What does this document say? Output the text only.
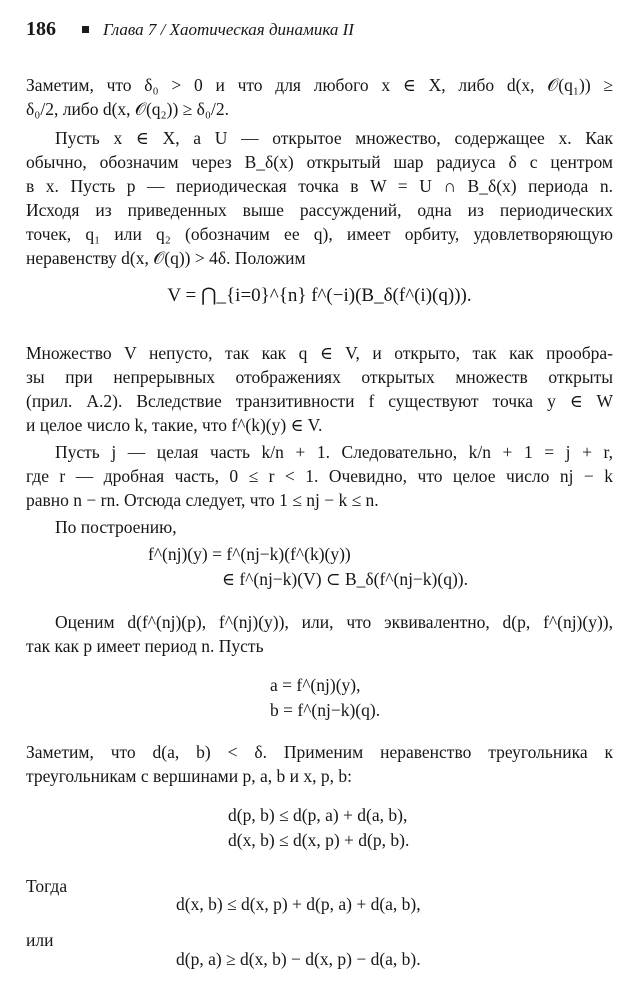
186	Глава 7 / Хаотическая динамика II
Заметим, что δ₀ > 0 и что для любого x ∈ X, либо d(x, 𝒪(q₁)) ≥
δ₀/2, либо d(x, 𝒪(q₂)) ≥ δ₀/2.
Пусть x ∈ X, а U — открытое множество, содержащее x. Как
обычно, обозначим через B_δ(x) открытый шар радиуса δ с центром
в x. Пусть p — периодическая точка в W = U ∩ B_δ(x) периода n.
Исходя из приведенных выше рассуждений, одна из периодических
точек, q₁ или q₂ (обозначим ее q), имеет орбиту, удовлетворяющую
неравенству d(x, 𝒪(q)) > 4δ. Положим
V = ⋂_{i=0}^{n} f^(−i)(B_δ(f^(i)(q))).
Множество V непусто, так как q ∈ V, и открыто, так как прообра-
зы при непрерывных отображениях открытых множеств открыты
(прил. А.2). Вследствие транзитивности f существуют точка y ∈ W
и целое число k, такие, что f^(k)(y) ∈ V.
Пусть j — целая часть k/n + 1. Следовательно, k/n + 1 = j + r,
где r — дробная часть, 0 ≤ r < 1. Очевидно, что целое число nj − k
равно n − rn. Отсюда следует, что 1 ≤ nj − k ≤ n.
По построению,
f^(nj)(y) = f^(nj−k)(f^(k)(y))
∈ f^(nj−k)(V) ⊂ B_δ(f^(nj−k)(q)).
Оценим d(f^(nj)(p), f^(nj)(y)), или, что эквивалентно, d(p, f^(nj)(y)),
так как p имеет период n. Пусть
a = f^(nj)(y),
b = f^(nj−k)(q).
Заметим, что d(a, b) < δ. Применим неравенство треугольника к
треугольникам с вершинами p, a, b и x, p, b:
d(p, b) ≤ d(p, a) + d(a, b),
d(x, b) ≤ d(x, p) + d(p, b).
Тогда
d(x, b) ≤ d(x, p) + d(p, a) + d(a, b),
или
d(p, a) ≥ d(x, b) − d(x, p) − d(a, b).
